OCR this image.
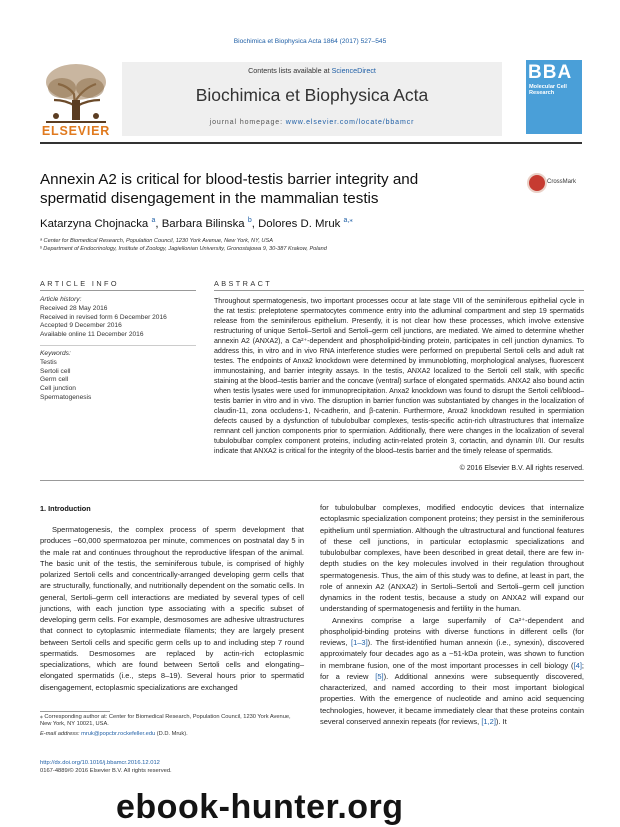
Biochimica et Biophysica Acta 1864 (2017) 527–545
Contents lists available at ScienceDirect
Biochimica et Biophysica Acta
journal homepage: www.elsevier.com/locate/bbamcr
ELSEVIER
BBA
Molecular Cell Research
Annexin A2 is critical for blood-testis barrier integrity and spermatid disengagement in the mammalian testis
CrossMark
Katarzyna Chojnacka $^a$, Barbara Bilinska $^b$, Dolores D. Mruk $^{a,⁎}$
ᵃ Center for Biomedical Research, Population Council, 1230 York Avenue, New York, NY, USA
ᵇ Department of Endocrinology, Institute of Zoology, Jagiellonian University, Gronostajowa 9, 30-387 Krakow, Poland
ARTICLE INFO
Article history:
Received 28 May 2016
Received in revised form 6 December 2016
Accepted 9 December 2016
Available online 11 December 2016
Keywords:
Testis
Sertoli cell
Germ cell
Cell junction
Spermatogenesis
ABSTRACT
Throughout spermatogenesis, two important processes occur at late stage VIII of the seminiferous epithelial cycle in the rat testis: preleptotene spermatocytes commence entry into the adluminal compartment and step 19 spermatids release from the seminiferous epithelium. Presently, it is not clear how these processes, which involve extensive restructuring of unique Sertoli–Sertoli and Sertoli–germ cell junctions, are mediated. We aimed to determine whether annexin A2 (ANXA2), a Ca²⁺-dependent and phospholipid-binding protein, participates in cell junction dynamics. To address this, in vitro and in vivo RNA interference studies were performed on prepubertal Sertoli cells and adult rat testes. The endpoints of Anxa2 knockdown were determined by immunoblotting, morphological analyses, fluorescent immunostaining, and barrier integrity assays. In the testis, ANXA2 localized to the Sertoli cell stalk, with specific staining at the blood–testis barrier and the concave (ventral) surface of elongated spermatids. ANXA2 also bound actin when testis lysates were used for immunoprecipitation. Anxa2 knockdown was found to disrupt the Sertoli cell/blood–testis barrier in vitro and in vivo. The disruption in barrier function was substantiated by changes in the localization of claudin-11, zona occludens-1, N-cadherin, and β-catenin. Furthermore, Anxa2 knockdown resulted in spermiation defects caused by a dysfunction of tubulobulbar complexes, testis-specific actin-rich ultrastructures that internalize remnant cell junction components prior to spermiation. Additionally, there were changes in the localization of several tubulobulbar complex component proteins, including actin-related protein 3, cortactin, and dynamin I/II. Our results indicate that ANXA2 is critical for the integrity of the blood–testis barrier and the timely release of spermatids.
© 2016 Elsevier B.V. All rights reserved.
1. Introduction

Spermatogenesis, the complex process of sperm development that produces ~60,000 spermatozoa per minute, commences on postnatal day 5 in the male rat and continues throughout the reproductive lifespan of the animal. The basic unit of the testis, the seminiferous tubule, is comprised of highly polarized Sertoli cells and concentrically-arranged developing germ cells that are structurally, functionally, and nutritionally dependent on the somatic cells. In general, Sertoli–germ cell interactions are mediated by several types of cell junctions, with each junction type associating with a specific subset of developing germ cells. For example, desmosomes are adhesive ultrastructures that connect to cytoplasmic intermediate filaments; they are largely present between Sertoli cells and specific germ cells up to and including step 7 round spermatids. Desmosomes are replaced by actin-rich ectoplasmic specializations, which are found between Sertoli cells and elongating–elongated spermatids (i.e., steps 8–19). Several hours prior to spermatid disengagement, ectoplasmic specializations are exchanged

for tubulobulbar complexes, modified endocytic devices that internalize ectoplasmic specialization component proteins; they persist in the seminiferous epithelium until spermiation. Although the ultrastructural and functional features of these cell junctions, in particular ectoplasmic specializations and tubulobulbar complexes, have been described in great detail, there are few in-depth studies on the key molecules involved in their regulation throughout spermatogenesis. Thus, the aim of this study was to define, at least in part, the role of annexin A2 (ANXA2) in Sertoli–Sertoli and Sertoli–germ cell junction dynamics in the rodent testis, because a study on ANXA2 will expand our understanding of spermatogenesis and fertility in the human.

Annexins comprise a large superfamily of Ca²⁺-dependent and phospholipid-binding proteins with diverse functions in different cells (for reviews, [1–3]). The first-identified human annexin (i.e., synexin), discovered approximately four decades ago as a ~51-kDa protein, was shown to function in membrane fusion, one of the most important processes in cell biology ([4]; for a review [5]). Additional annexins were subsequently discovered, characterized, and named according to their most important biological properties. With the emergence of nucleotide and amino acid sequencing technologies, however, it became immediately clear that these proteins contain several conserved annexin repeats (for reviews, [1,2]). It

⁎ Corresponding author at: Center for Biomedical Research, Population Council, 1230 York Avenue, New York, NY 10021, USA.
E-mail address: mruk@popcbr.rockefeller.edu (D.D. Mruk).
http://dx.doi.org/10.1016/j.bbamcr.2016.12.012
0167-4889/© 2016 Elsevier B.V. All rights reserved.
ebook-hunter.org
